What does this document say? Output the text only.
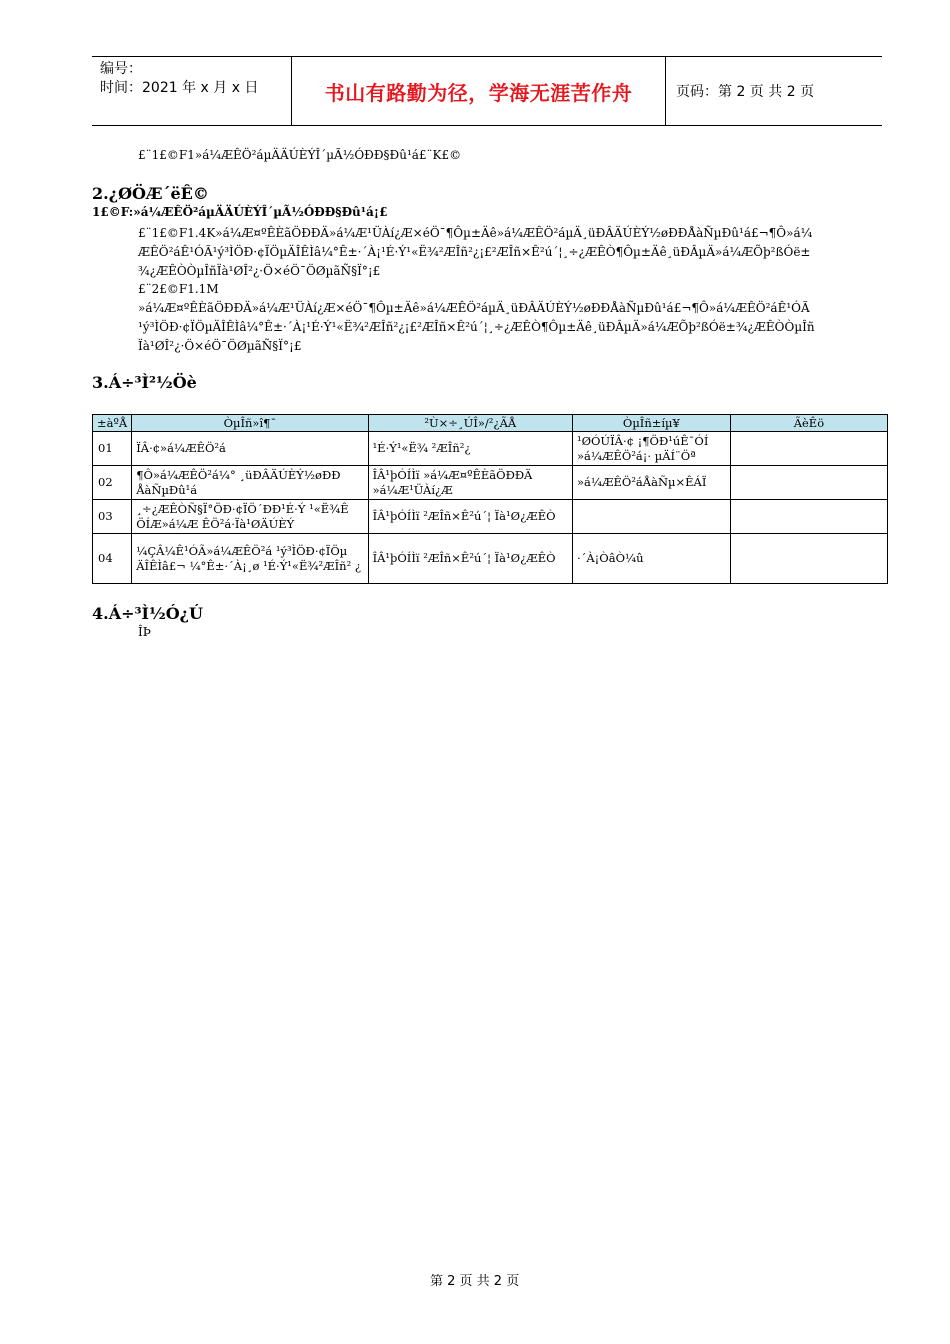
编号：
时间：2021 年 x 月 x 日	书山有路勤为径，学海无涯苦作舟	页码：第 2 页 共 2 页
£¨1£©F1»á¼ÆÊÖ²áµÄÄÚÈÝÎ´µÃ½ÓÐÐ§Ðû¹á£¨K£©
2.¿ØÖÆ´ëÊ©
1£©F:»á¼ÆÊÖ²áµÄÄÚÈÝÎ´µÃ½ÓÐÐ§Ðû¹á¡£
£¨1£©F1.4K»á¼Æ¤ºÊÈãÖÐÐÄ»á¼Æ¹ÜÀí¿Æ×éÖ¯¶Ôµ±Äê»á¼ÆÊÖ²áµÄ¸üÐÂÄÚÈÝ½øÐÐÅàÑµÐû¹á£¬¶Ô»á¼
ÆÊÖ²áÊ¹ÓÃ¹ý³ÌÖÐ·¢ÏÖµÄÎÊÌâ¼°Ê±·´À¡¹É·Ý¹«Ë¾²ÆÎñ²¿¡£²ÆÎñ×Ê²ú´¦¸÷¿ÆÊÒ¶Ôµ±Äê¸üÐÂµÄ»á¼ÆÕþ²ßÓë±
¾¿ÆÊÒÒµÎñÏà¹ØÎ²¿·Ö×éÖ¯ÖØµãÑ§Ï°¡£
£¨2£©F1.1M
»á¼Æ¤ºÊÈãÖÐÐÄ»á¼Æ¹ÜÀí¿Æ×éÖ¯¶Ôµ±Äê»á¼ÆÊÖ²áµÄ¸üÐÂÄÚÈÝ½øÐÐÅàÑµÐû¹á£¬¶Ô»á¼ÆÊÖ²áÊ¹ÓÃ
¹ý³ÌÖÐ·¢ÏÖµÄÎÊÌâ¼°Ê±·´À¡¹É·Ý¹«Ë¾²ÆÎñ²¿¡£²ÆÎñ×Ê²ú´¦¸÷¿ÆÊÒ¶Ôµ±Äê¸üÐÂµÄ»á¼ÆÕþ²ßÓë±¾¿ÆÊÒÒµÎñ
Ïà¹ØÎ²¿·Ö×éÖ¯ÖØµãÑ§Ï°¡£
3.Á÷³Ì²½Öè
±àºÅ	ÒµÎñ»î¶¯	²Ù×÷¸ÚÎ»/²¿ÃÅ	ÒµÎñ±íµ¥	ÃèÊö
01	ÏÂ·¢»á¼ÆÊÖ²á	¹É·Ý¹«Ë¾ ²ÆÎñ²¿	¹ØÓÚÏÂ·¢ ¡¶ÖÐ¹úÊ¯ÓÍ »á¼ÆÊÖ²á¡· µÄÍ¨Öª	
02	¶Ô»á¼ÆÊÖ²á¼° ¸üÐÂÄÚÈÝ½øÐÐ ÅàÑµÐû¹á	ÎÂ¹þÓÍÌï »á¼Æ¤ºÊÈãÖÐÐÄ »á¼Æ¹ÜÀí¿Æ	»á¼ÆÊÖ²áÅàÑµ×ÊÁÏ	
03	¸÷¿ÆÊÒÑ§Ï°ÖÐ·¢ÏÖ´ÐÐ¹É·Ý ¹«Ë¾Ê ÖÍÆ»á¼Æ ÊÖ²á·Ïà¹ØÄÚÈÝ	ÎÂ¹þÓÍÌï ²ÆÎñ×Ê²ú´¦ Ïà¹Ø¿ÆÊÒ		
04	¼ÇÂ¼Ê¹ÓÃ»á¼ÆÊÖ²á ¹ý³ÌÖÐ·¢ÏÖµ ÄÎÊÌâ£¬ ¼°Ê±·´À¡¸ø ¹É·Ý¹«Ë¾²ÆÎñ² ¿	ÎÂ¹þÓÍÌï ²ÆÎñ×Ê²ú´¦ Ïà¹Ø¿ÆÊÒ	·´À¡ÒâÒ¼û	
4.Á÷³Ì½Ó¿Ú
ÎÞ
第 2 页 共 2 页
